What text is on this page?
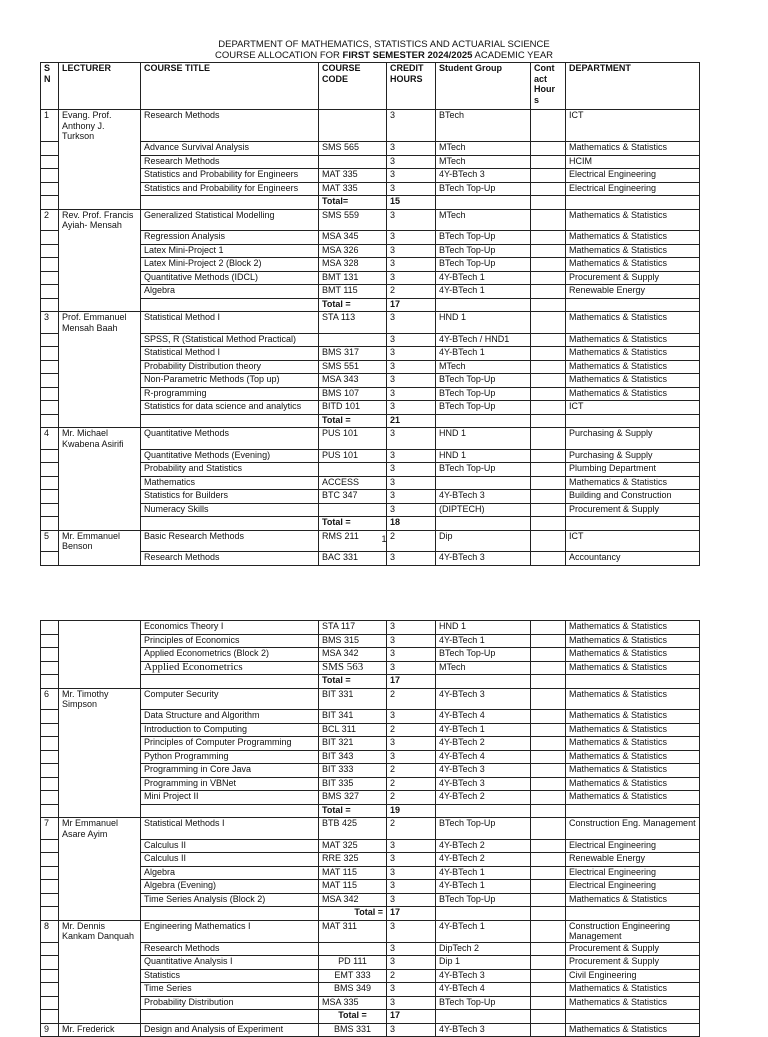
DEPARTMENT OF MATHEMATICS, STATISTICS AND ACTUARIAL SCIENCE
COURSE ALLOCATION FOR FIRST SEMESTER 2024/2025 ACADEMIC YEAR
S N	LECTURER	COURSE TITLE	COURSE CODE	CREDIT HOURS	Student Group	Cont act Hour s	DEPARTMENT
1	Evang. Prof. Anthony J. Turkson	Research Methods		3	BTech		ICT
		Advance Survival Analysis	SMS 565	3	MTech		Mathematics & Statistics
		Research Methods		3	MTech		HCIM
		Statistics and Probability for Engineers	MAT 335	3	4Y-BTech 3		Electrical Engineering
		Statistics and Probability for Engineers	MAT 335	3	BTech Top-Up		Electrical Engineering
			Total=	15			
2	Rev. Prof. Francis Ayiah- Mensah	Generalized Statistical Modelling	SMS 559	3	MTech		Mathematics & Statistics
		Regression Analysis	MSA 345	3	BTech Top-Up		Mathematics & Statistics
		Latex Mini-Project 1	MSA 326	3	BTech Top-Up		Mathematics & Statistics
		Latex Mini-Project 2 (Block 2)	MSA 328	3	BTech Top-Up		Mathematics & Statistics
		Quantitative Methods (IDCL)	BMT 131	3	4Y-BTech 1		Procurement & Supply
		Algebra	BMT 115	2	4Y-BTech 1		Renewable Energy
			Total =	17			
3	Prof. Emmanuel Mensah Baah	Statistical Method I	STA 113	3	HND 1		Mathematics & Statistics
		SPSS, R (Statistical Method Practical)		3	4Y-BTech / HND1		Mathematics & Statistics
		Statistical Method I	BMS 317	3	4Y-BTech 1		Mathematics & Statistics
		Probability Distribution theory	SMS 551	3	MTech		Mathematics & Statistics
		Non-Parametric Methods (Top up)	MSA 343	3	BTech Top-Up		Mathematics & Statistics
		R-programming	BMS 107	3	BTech Top-Up		Mathematics & Statistics
		Statistics for data science and analytics	BITD 101	3	BTech Top-Up		ICT
			Total =	21			
4	Mr. Michael Kwabena Asirifi	Quantitative Methods	PUS 101	3	HND 1		Purchasing & Supply
		Quantitative Methods (Evening)	PUS 101	3	HND 1		Purchasing & Supply
		Probability and Statistics		3	BTech Top-Up		Plumbing Department
		Mathematics	ACCESS	3			Mathematics & Statistics
		Statistics for Builders	BTC 347	3	4Y-BTech 3		Building and Construction
		Numeracy Skills		3	(DIPTECH)		Procurement & Supply
			Total =	18			
5	Mr. Emmanuel Benson	Basic Research Methods	RMS 211	2	Dip		ICT
		Research Methods	BAC 331	3	4Y-BTech 3		Accountancy
1
		Economics Theory I	STA 117	3	HND 1		Mathematics & Statistics
		Principles of Economics	BMS 315	3	4Y-BTech 1		Mathematics & Statistics
		Applied Econometrics (Block 2)	MSA 342	3	BTech Top-Up		Mathematics & Statistics
		Applied Econometrics	SMS 563	3	MTech		Mathematics & Statistics
			Total =	17			
6	Mr. Timothy Simpson	Computer Security	BIT 331	2	4Y-BTech 3		Mathematics & Statistics
		Data Structure and Algorithm	BIT 341	3	4Y-BTech 4		Mathematics & Statistics
		Introduction to Computing	BCL 311	2	4Y-BTech 1		Mathematics & Statistics
		Principles of Computer Programming	BIT 321	3	4Y-BTech 2		Mathematics & Statistics
		Python Programming	BIT 343	3	4Y-BTech 4		Mathematics & Statistics
		Programming in Core Java	BIT 333	2	4Y-BTech 3		Mathematics & Statistics
		Programming in VBNet	BIT 335	2	4Y-BTech 3		Mathematics & Statistics
		Mini Project II	BMS 327	2	4Y-BTech 2		Mathematics & Statistics
			Total =	19			
7	Mr Emmanuel Asare Ayim	Statistical Methods I	BTB 425	2	BTech Top-Up		Construction Eng. Management
		Calculus II	MAT 325	3	4Y-BTech 2		Electrical Engineering
		Calculus II	RRE 325	3	4Y-BTech 2		Renewable Energy
		Algebra	MAT 115	3	4Y-BTech 1		Electrical Engineering
		Algebra (Evening)	MAT 115	3	4Y-BTech 1		Electrical Engineering
		Time Series Analysis (Block 2)	MSA 342	3	BTech Top-Up		Mathematics & Statistics
			Total =	17			
8	Mr. Dennis Kankam Danquah	Engineering Mathematics I	MAT 311	3	4Y-BTech 1		Construction Engineering Management
		Research Methods		3	DipTech 2		Procurement & Supply
		Quantitative Analysis I	PD 111	3	Dip 1		Procurement & Supply
		Statistics	EMT 333	2	4Y-BTech 3		Civil Engineering
		Time Series	BMS 349	3	4Y-BTech 4		Mathematics & Statistics
		Probability Distribution	MSA 335	3	BTech Top-Up		Mathematics & Statistics
			Total =	17			
9	Mr. Frederick	Design and Analysis of Experiment	BMS 331	3	4Y-BTech 3		Mathematics & Statistics
